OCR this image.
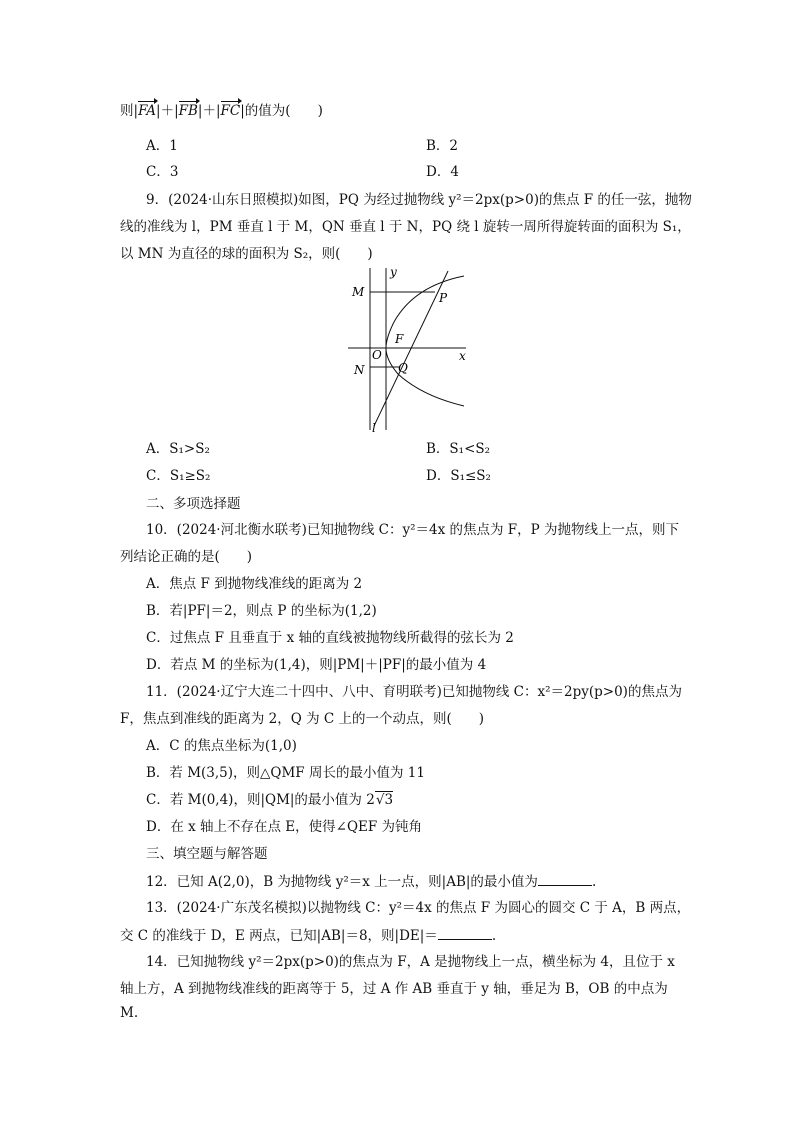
则|FA|＋|FB|＋|FC|的值为(　　)
A．1	B．2
C．3	D．4
9．(2024·山东日照模拟)如图，PQ 为经过抛物线 y²＝2px(p>0)的焦点 F 的任一弦，抛物
线的准线为 l，PM 垂直 l 于 M，QN 垂直 l 于 N，PQ 绕 l 旋转一周所得旋转面的面积为 S₁，
以 MN 为直径的球的面积为 S₂，则(　　)
P
M
F
O
N	Q
y
x
l
A．S₁>S₂	B．S₁<S₂
C．S₁≥S₂	D．S₁≤S₂
二、多项选择题
10．(2024·河北衡水联考)已知抛物线 C：y²＝4x 的焦点为 F，P 为抛物线上一点，则下
列结论正确的是(　　)
A．焦点 F 到抛物线准线的距离为 2
B．若|PF|＝2，则点 P 的坐标为(1,2)
C．过焦点 F 且垂直于 x 轴的直线被抛物线所截得的弦长为 2
D．若点 M 的坐标为(1,4)，则|PM|＋|PF|的最小值为 4
11．(2024·辽宁大连二十四中、八中、育明联考)已知抛物线 C：x²＝2py(p>0)的焦点为
F，焦点到准线的距离为 2，Q 为 C 上的一个动点，则(　　)
A．C 的焦点坐标为(1,0)
B．若 M(3,5)，则△QMF 周长的最小值为 11
C．若 M(0,4)，则|QM|的最小值为 2√3
D．在 x 轴上不存在点 E，使得∠QEF 为钝角
三、填空题与解答题
12．已知 A(2,0)，B 为抛物线 y²＝x 上一点，则|AB|的最小值为	.
13．(2024·广东茂名模拟)以抛物线 C：y²＝4x 的焦点 F 为圆心的圆交 C 于 A，B 两点，
交 C 的准线于 D，E 两点，已知|AB|＝8，则|DE|＝	.
14．已知抛物线 y²＝2px(p>0)的焦点为 F，A 是抛物线上一点，横坐标为 4，且位于 x
轴上方，A 到抛物线准线的距离等于 5，过 A 作 AB 垂直于 y 轴，垂足为 B，OB 的中点为
M.
